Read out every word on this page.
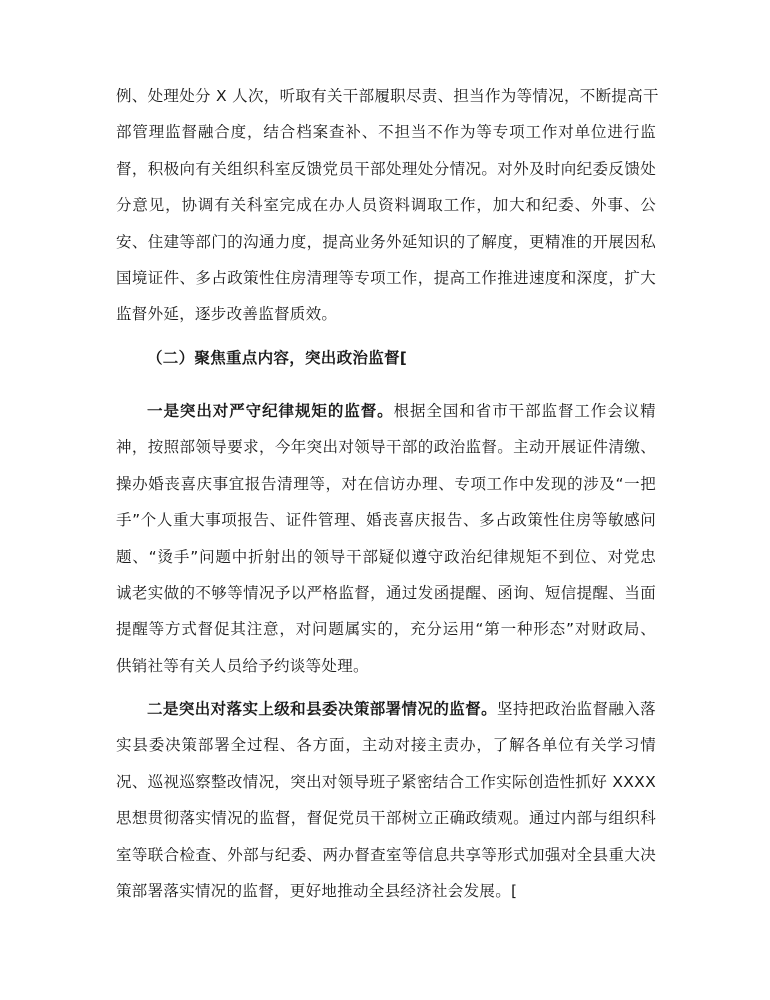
例、处理处分 X 人次，听取有关干部履职尽责、担当作为等情况，不断提高干
部管理监督融合度，结合档案查补、不担当不作为等专项工作对单位进行监
督，积极向有关组织科室反馈党员干部处理处分情况。对外及时向纪委反馈处
分意见，协调有关科室完成在办人员资料调取工作，加大和纪委、外事、公
安、住建等部门的沟通力度，提高业务外延知识的了解度，更精准的开展因私
国境证件、多占政策性住房清理等专项工作，提高工作推进速度和深度，扩大
监督外延，逐步改善监督质效。

（二）聚焦重点内容，突出政治监督[

一是突出对严守纪律规矩的监督。根据全国和省市干部监督工作会议精
神，按照部领导要求，今年突出对领导干部的政治监督。主动开展证件清缴、
操办婚丧喜庆事宜报告清理等，对在信访办理、专项工作中发现的涉及“一把
手”个人重大事项报告、证件管理、婚丧喜庆报告、多占政策性住房等敏感问
题、“烫手”问题中折射出的领导干部疑似遵守政治纪律规矩不到位、对党忠
诚老实做的不够等情况予以严格监督，通过发函提醒、函询、短信提醒、当面
提醒等方式督促其注意，对问题属实的，充分运用“第一种形态”对财政局、
供销社等有关人员给予约谈等处理。
二是突出对落实上级和县委决策部署情况的监督。坚持把政治监督融入落
实县委决策部署全过程、各方面，主动对接主责办，了解各单位有关学习情
况、巡视巡察整改情况，突出对领导班子紧密结合工作实际创造性抓好 XXXX
思想贯彻落实情况的监督，督促党员干部树立正确政绩观。通过内部与组织科
室等联合检查、外部与纪委、两办督查室等信息共享等形式加强对全县重大决
策部署落实情况的监督，更好地推动全县经济社会发展。[
